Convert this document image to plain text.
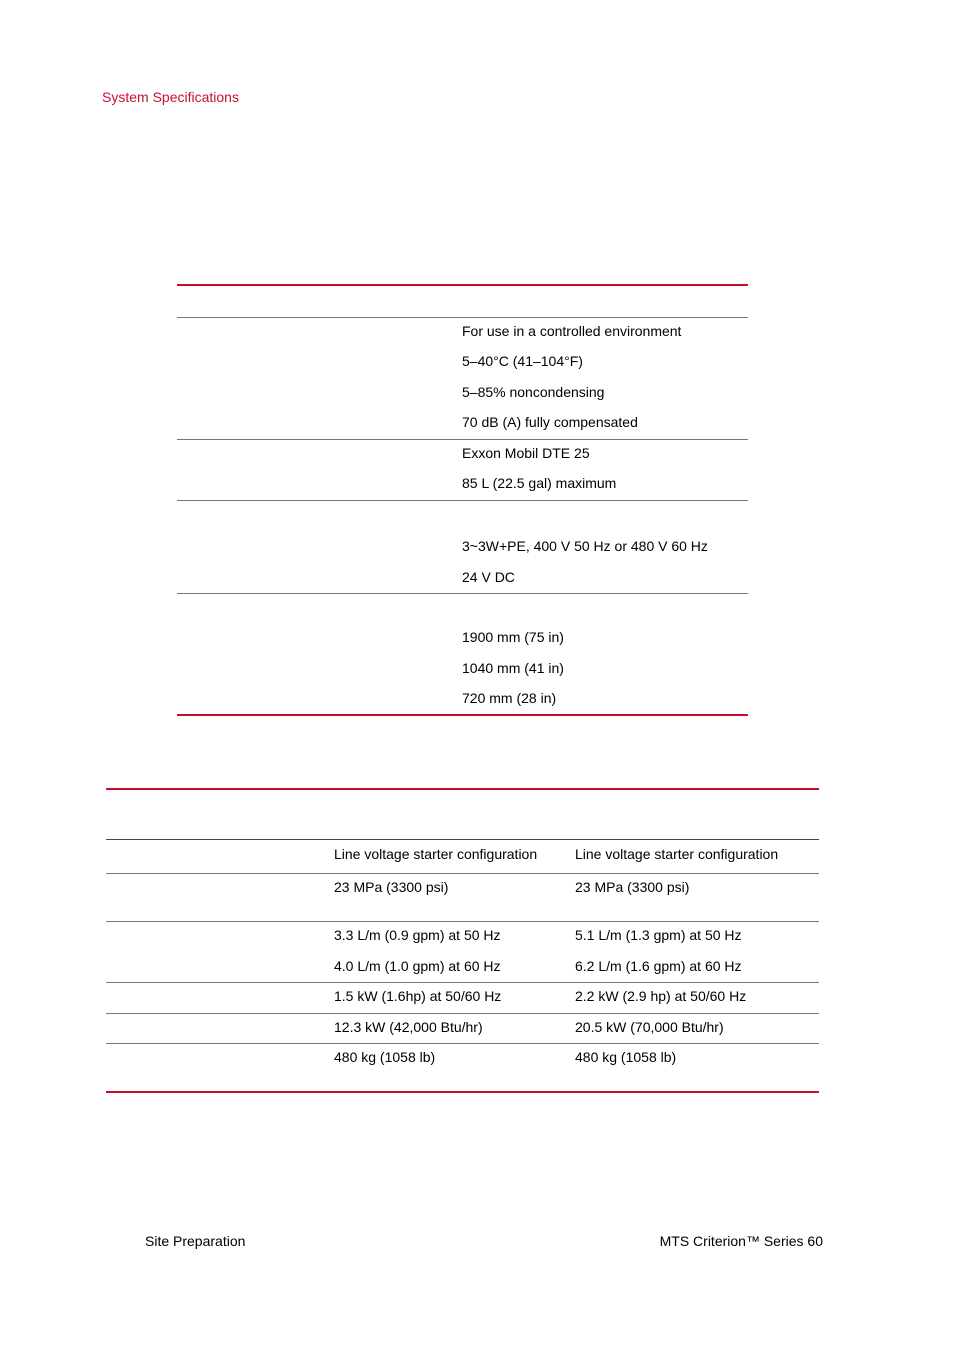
System Specifications
For use in a controlled environment
5–40°C (41–104°F)
5–85% noncondensing
70 dB (A) fully compensated
Exxon Mobil DTE 25
85 L (22.5 gal) maximum
3~3W+PE, 400 V 50 Hz or 480 V 60 Hz
24 V DC
1900 mm (75 in)
1040 mm (41 in)
720 mm (28 in)
Line voltage starter configuration	Line voltage starter configuration
23 MPa (3300 psi)	23 MPa (3300 psi)
3.3 L/m (0.9 gpm) at 50 Hz	5.1 L/m (1.3 gpm) at 50 Hz
4.0 L/m (1.0 gpm) at 60 Hz	6.2 L/m (1.6 gpm) at 60 Hz
1.5 kW (1.6hp) at 50/60 Hz	2.2 kW (2.9 hp) at 50/60 Hz
12.3 kW (42,000 Btu/hr)	20.5 kW (70,000 Btu/hr)
480 kg (1058 lb)	480 kg (1058 lb)
Site Preparation	MTS Criterion™ Series 60
